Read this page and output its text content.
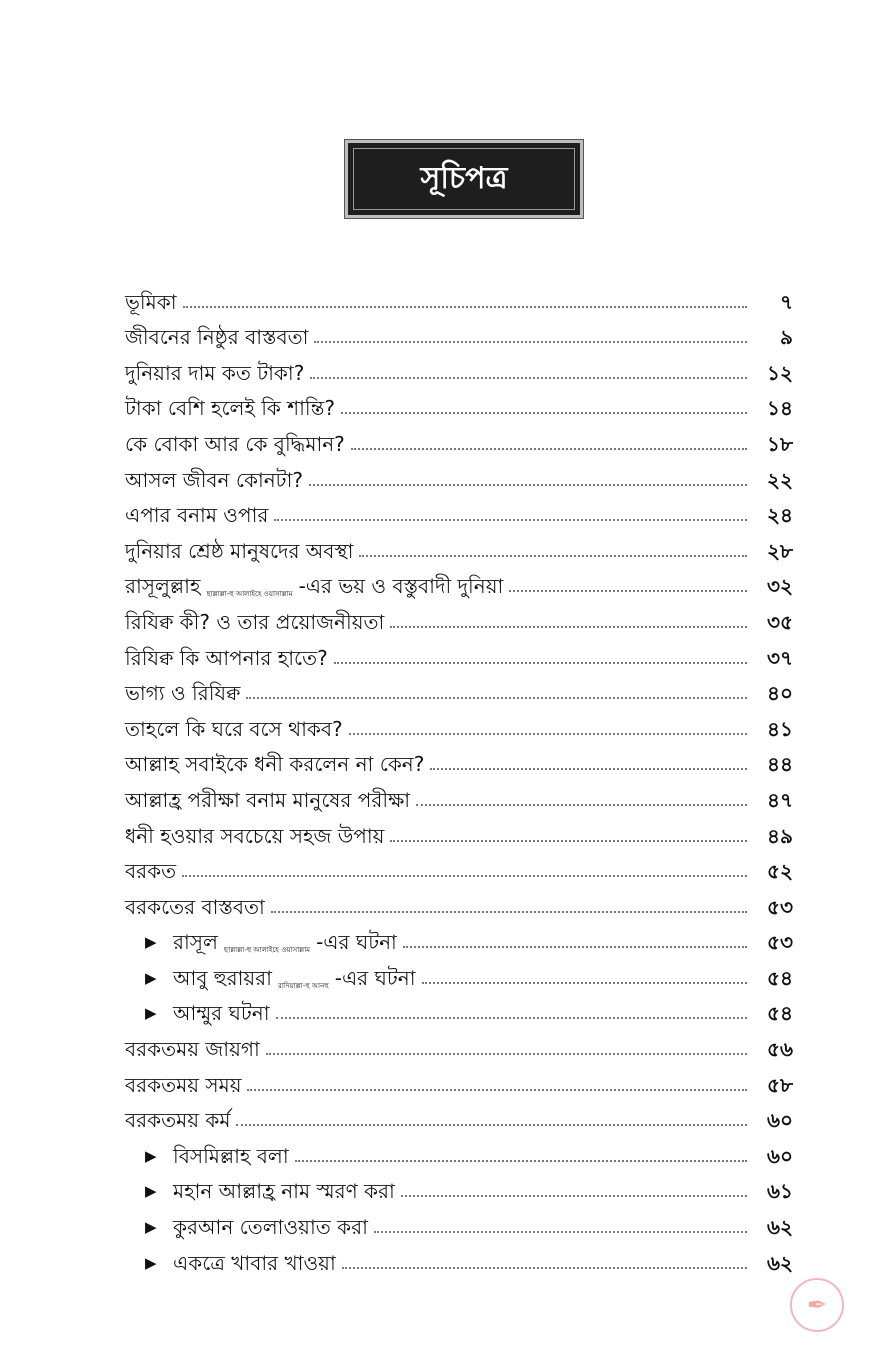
সূচিপত্র
ভূমিকা	৭
জীবনের নিষ্ঠুর বাস্তবতা	৯
দুনিয়ার দাম কত টাকা?	১২
টাকা বেশি হলেই কি শান্তি?	১৪
কে বোকা আর কে বুদ্ধিমান?	১৮
আসল জীবন কোনটা?	২২
এপার বনাম ওপার	২৪
দুনিয়ার শ্রেষ্ঠ মানুষদের অবস্থা	২৮
রাসূলুল্লাহ ছাল্লাল্লা-হু আলাইহে ওয়াসাল্লাম -এর ভয় ও বস্তুবাদী দুনিয়া	৩২
রিযিক্ব কী? ও তার প্রয়োজনীয়তা	৩৫
রিযিক্ব কি আপনার হাতে?	৩৭
ভাগ্য ও রিযিক্ব	৪০
তাহলে কি ঘরে বসে থাকব?	৪১
আল্লাহ সবাইকে ধনী করলেন না কেন?	৪৪
আল্লাহ্র পরীক্ষা বনাম মানুষের পরীক্ষা	৪৭
ধনী হওয়ার সবচেয়ে সহজ উপায়	৪৯
বরকত	৫২
বরকতের বাস্তবতা	৫৩
▶ রাসূল ছাল্লাল্লা-হু আলাইহে ওয়াসাল্লাম -এর ঘটনা	৫৩
▶ আবু হুরায়রা রাদিয়াল্লা-হু আনহু -এর ঘটনা	৫৪
▶ আম্মুর ঘটনা	৫৪
বরকতময় জায়গা	৫৬
বরকতময় সময়	৫৮
বরকতময় কর্ম	৬০
▶ বিসমিল্লাহ বলা	৬০
▶ মহান আল্লাহ্র নাম স্মরণ করা	৬১
▶ কুরআন তেলাওয়াত করা	৬২
▶ একত্রে খাবার খাওয়া	৬২
✒
